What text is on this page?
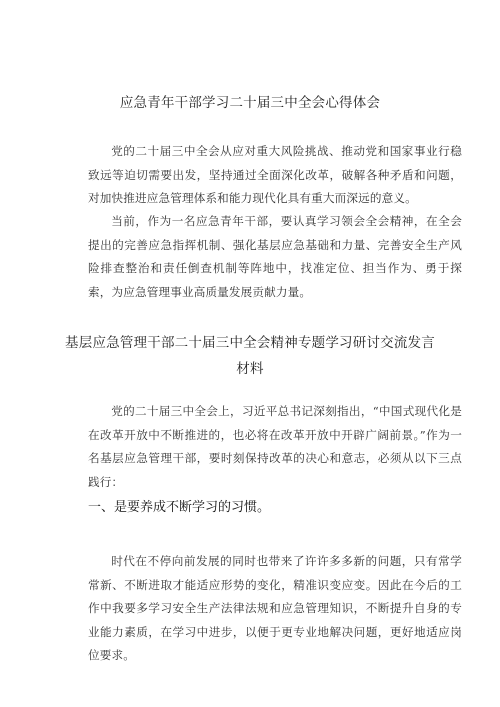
应急青年干部学习二十届三中全会心得体会

党的二十届三中全会从应对重大风险挑战、推动党和国家事业行稳致远等迫切需要出发，坚持通过全面深化改革，破解各种矛盾和问题，对加快推进应急管理体系和能力现代化具有重大而深远的意义。

当前，作为一名应急青年干部，要认真学习领会全会精神，在全会提出的完善应急指挥机制、强化基层应急基础和力量、完善安全生产风险排查整治和责任倒查机制等阵地中，找准定位、担当作为、勇于探索，为应急管理事业高质量发展贡献力量。

基层应急管理干部二十届三中全会精神专题学习研讨交流发言材料

党的二十届三中全会上，习近平总书记深刻指出，“中国式现代化是在改革开放中不断推进的，也必将在改革开放中开辟广阔前景。”作为一名基层应急管理干部，要时刻保持改革的决心和意志，必须从以下三点践行：

一、是要养成不断学习的习惯。

时代在不停向前发展的同时也带来了许许多多新的问题，只有常学常新、不断进取才能适应形势的变化，精准识变应变。因此在今后的工作中我要多学习安全生产法律法规和应急管理知识，不断提升自身的专业能力素质，在学习中进步，以便于更专业地解决问题，更好地适应岗位要求。
